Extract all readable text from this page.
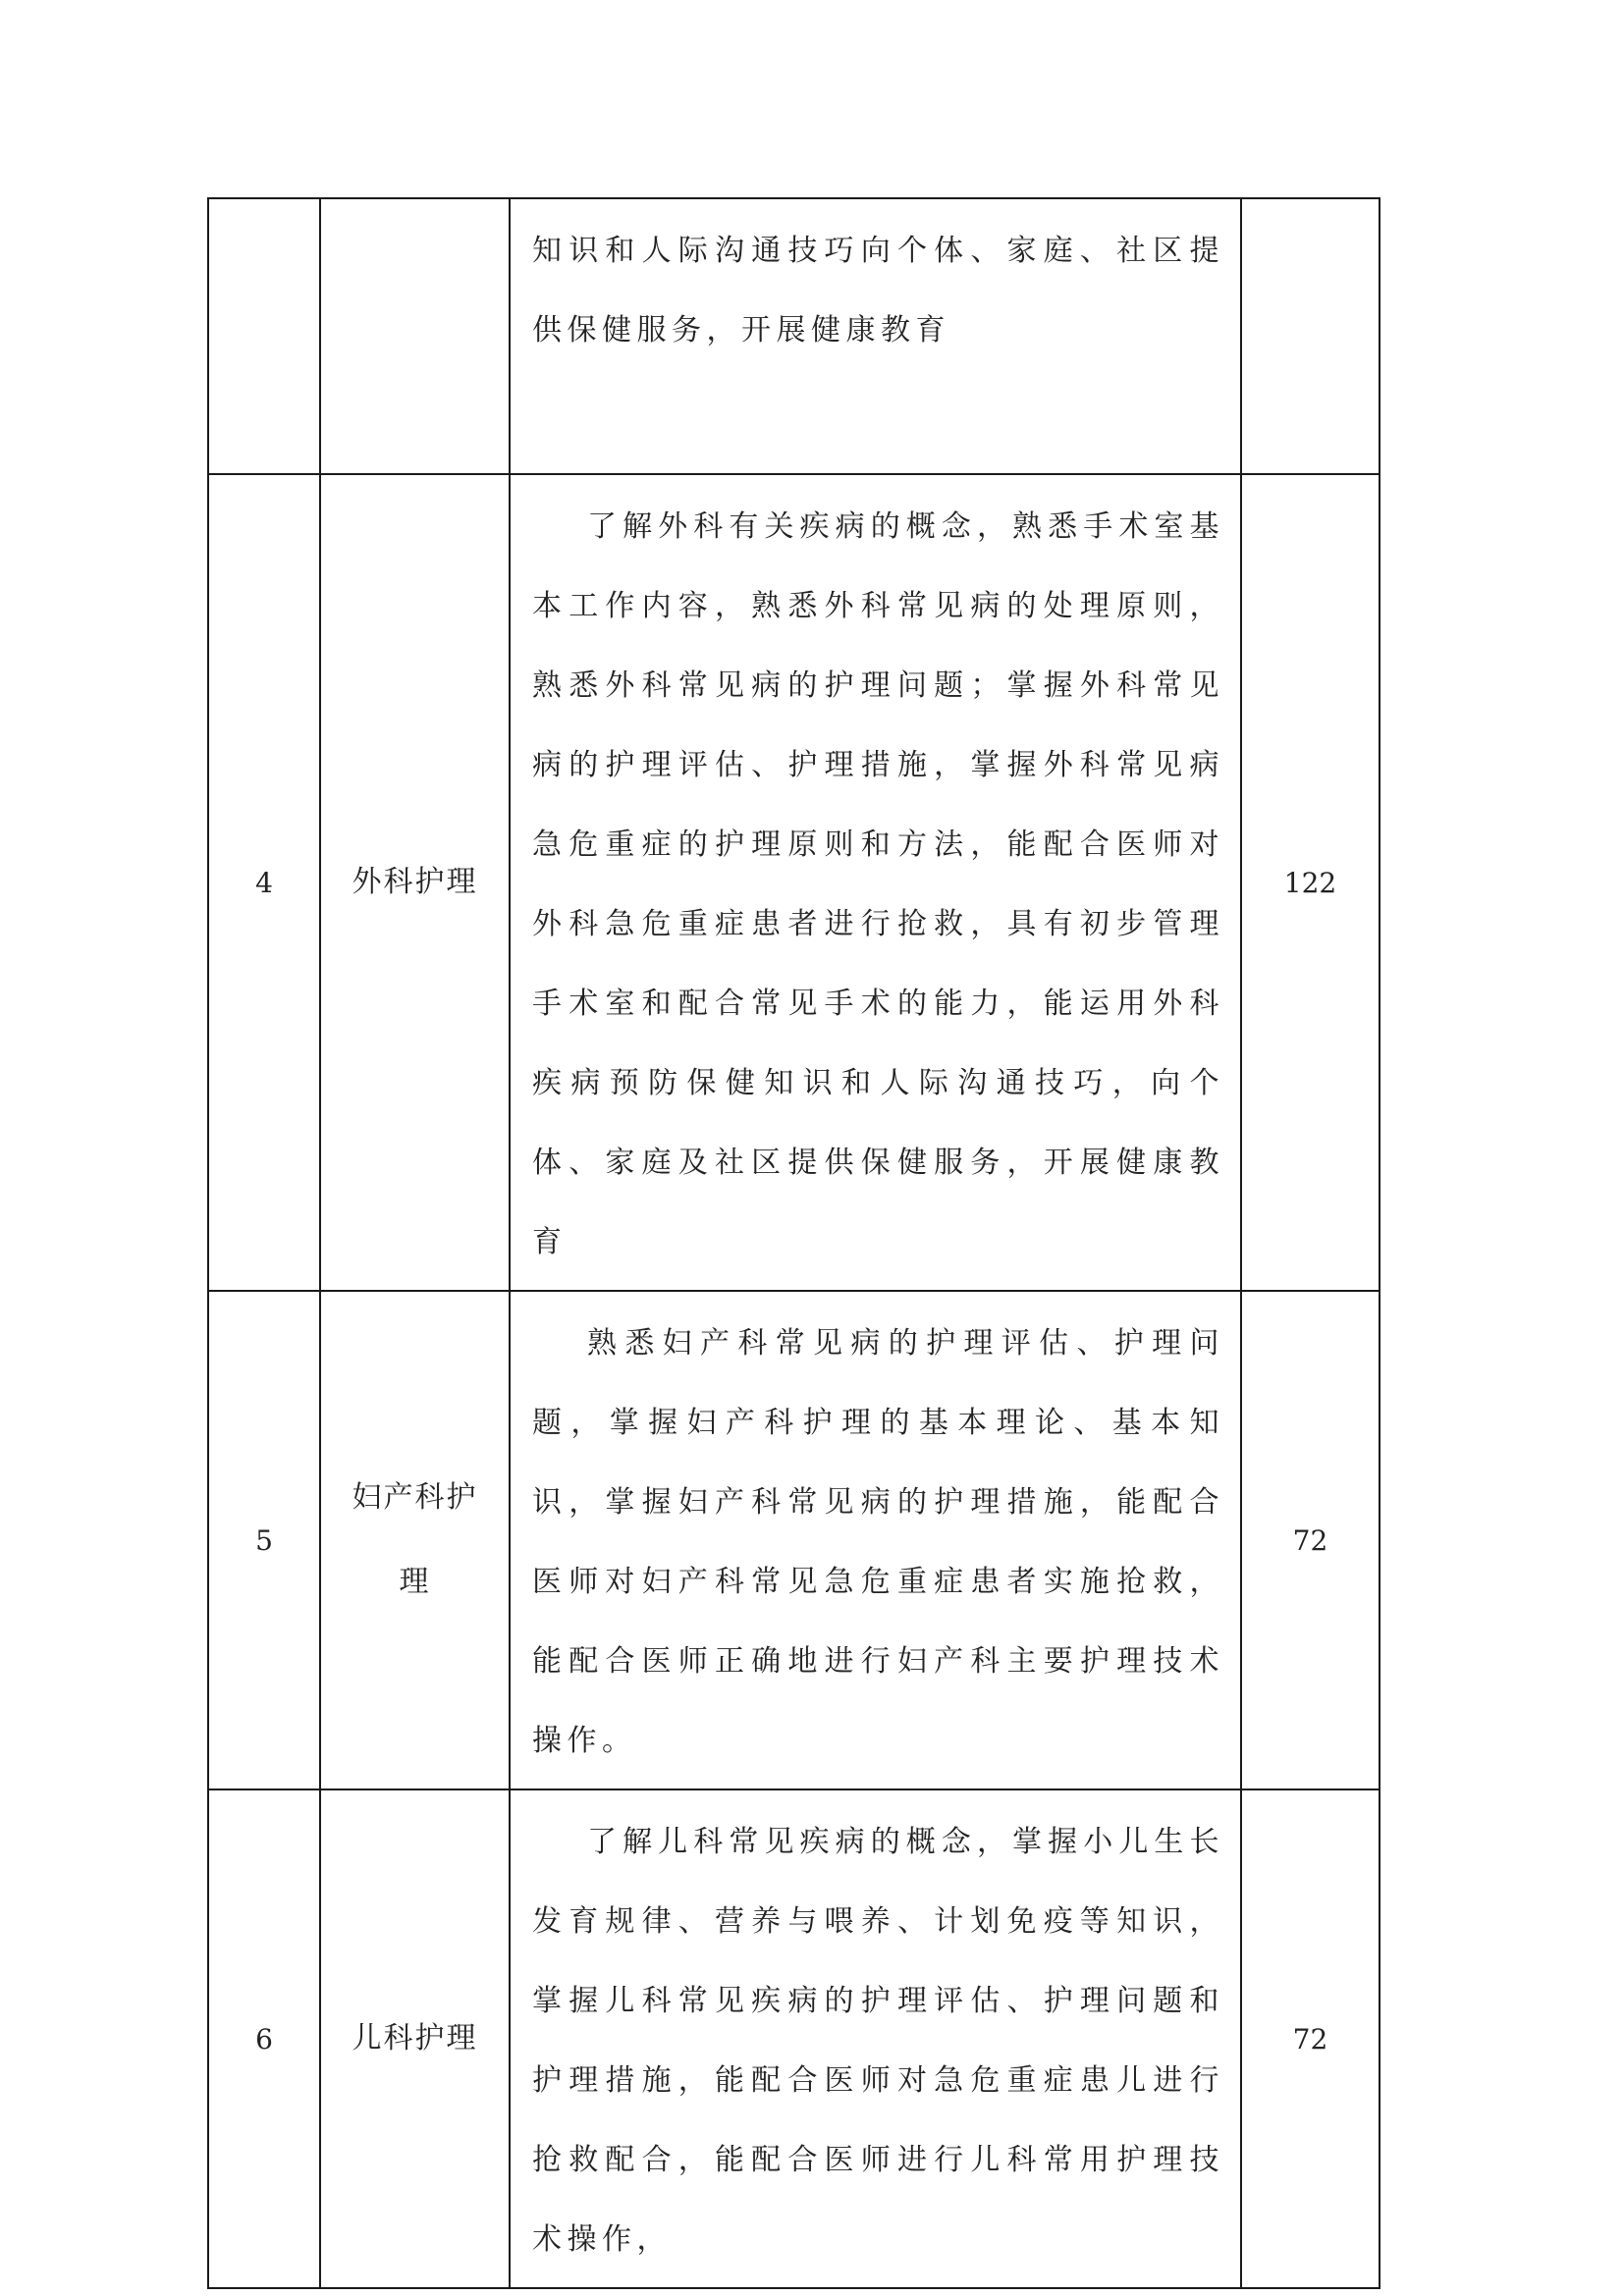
		知识和人际沟通技巧向个体、家庭、社区提供保健服务，开展健康教育	

4	外科护理	了解外科有关疾病的概念，熟悉手术室基本工作内容，熟悉外科常见病的处理原则，熟悉外科常见病的护理问题；掌握外科常见病的护理评估、护理措施，掌握外科常见病急危重症的护理原则和方法，能配合医师对外科急危重症患者进行抢救，具有初步管理手术室和配合常见手术的能力，能运用外科疾病预防保健知识和人际沟通技巧，向个体、家庭及社区提供保健服务，开展健康教育	122
5	妇产科护理	熟悉妇产科常见病的护理评估、护理问题，掌握妇产科护理的基本理论、基本知识，掌握妇产科常见病的护理措施，能配合医师对妇产科常见急危重症患者实施抢救，能配合医师正确地进行妇产科主要护理技术操作。	72
6	儿科护理	了解儿科常见疾病的概念，掌握小儿生长发育规律、营养与喂养、计划免疫等知识，掌握儿科常见疾病的护理评估、护理问题和护理措施，能配合医师对急危重症患儿进行抢救配合，能配合医师进行儿科常用护理技术操作，	72
